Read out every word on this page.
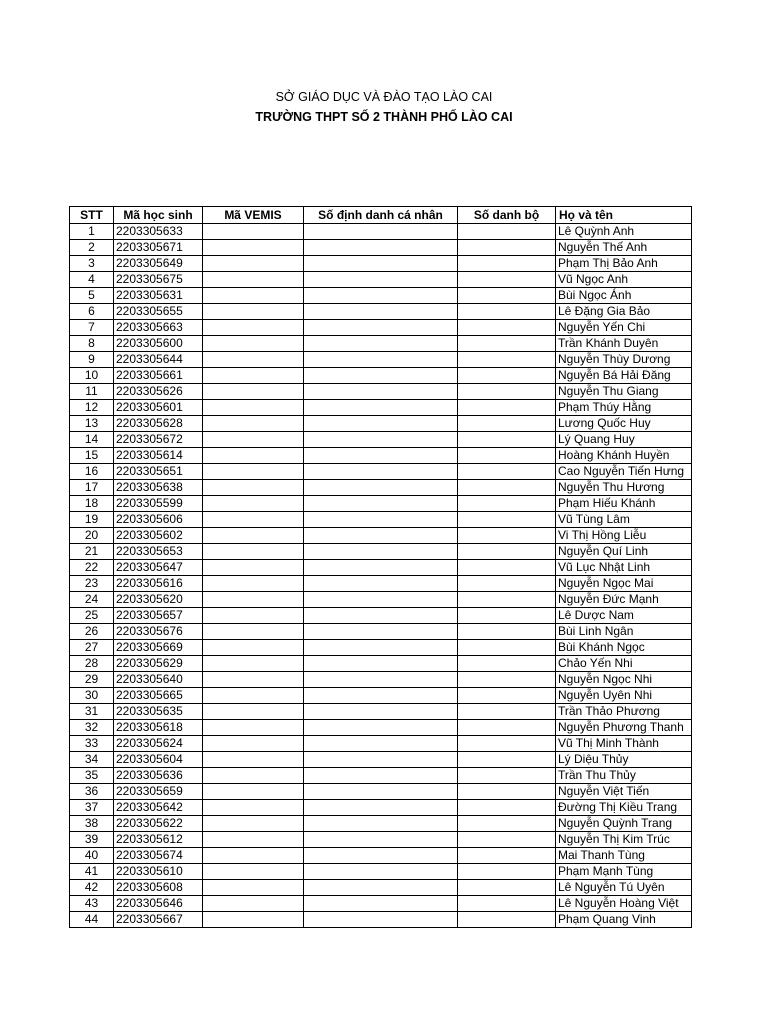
SỞ GIÁO DỤC VÀ ĐÀO TẠO LÀO CAI
TRƯỜNG THPT SỐ 2 THÀNH PHỐ LÀO CAI
STT	Mã học sinh	Mã VEMIS	Số định danh cá nhân	Số danh bộ	Họ và tên
1	2203305633				Lê Quỳnh Anh
2	2203305671				Nguyễn Thế Anh
3	2203305649				Phạm Thị Bảo Anh
4	2203305675				Vũ Ngọc Anh
5	2203305631				Bùi Ngọc Ánh
6	2203305655				Lê Đặng Gia Bảo
7	2203305663				Nguyễn Yến Chi
8	2203305600				Trần Khánh Duyên
9	2203305644				Nguyễn Thùy Dương
10	2203305661				Nguyễn Bá Hải Đăng
11	2203305626				Nguyễn Thu Giang
12	2203305601				Phạm Thúy Hằng
13	2203305628				Lương Quốc Huy
14	2203305672				Lý Quang Huy
15	2203305614				Hoàng Khánh Huyền
16	2203305651				Cao Nguyễn Tiến Hưng
17	2203305638				Nguyễn Thu Hương
18	2203305599				Phạm Hiếu Khánh
19	2203305606				Vũ Tùng Lâm
20	2203305602				Vi Thị Hồng Liễu
21	2203305653				Nguyễn Quí Linh
22	2203305647				Vũ Lục Nhật Linh
23	2203305616				Nguyễn Ngọc Mai
24	2203305620				Nguyễn Đức Mạnh
25	2203305657				Lê Dược Nam
26	2203305676				Bùi Linh Ngân
27	2203305669				Bùi Khánh Ngọc
28	2203305629				Chảo Yến Nhi
29	2203305640				Nguyễn Ngọc Nhi
30	2203305665				Nguyễn Uyên Nhi
31	2203305635				Trần Thảo Phương
32	2203305618				Nguyễn Phương Thanh
33	2203305624				Vũ Thị Minh Thành
34	2203305604				Lý Diệu Thủy
35	2203305636				Trần Thu Thủy
36	2203305659				Nguyễn Việt Tiến
37	2203305642				Đường Thị Kiều Trang
38	2203305622				Nguyễn Quỳnh Trang
39	2203305612				Nguyễn Thị Kim Trúc
40	2203305674				Mai Thanh Tùng
41	2203305610				Phạm Mạnh Tùng
42	2203305608				Lê Nguyễn Tú Uyên
43	2203305646				Lê Nguyễn Hoàng Việt
44	2203305667				Phạm Quang Vinh
